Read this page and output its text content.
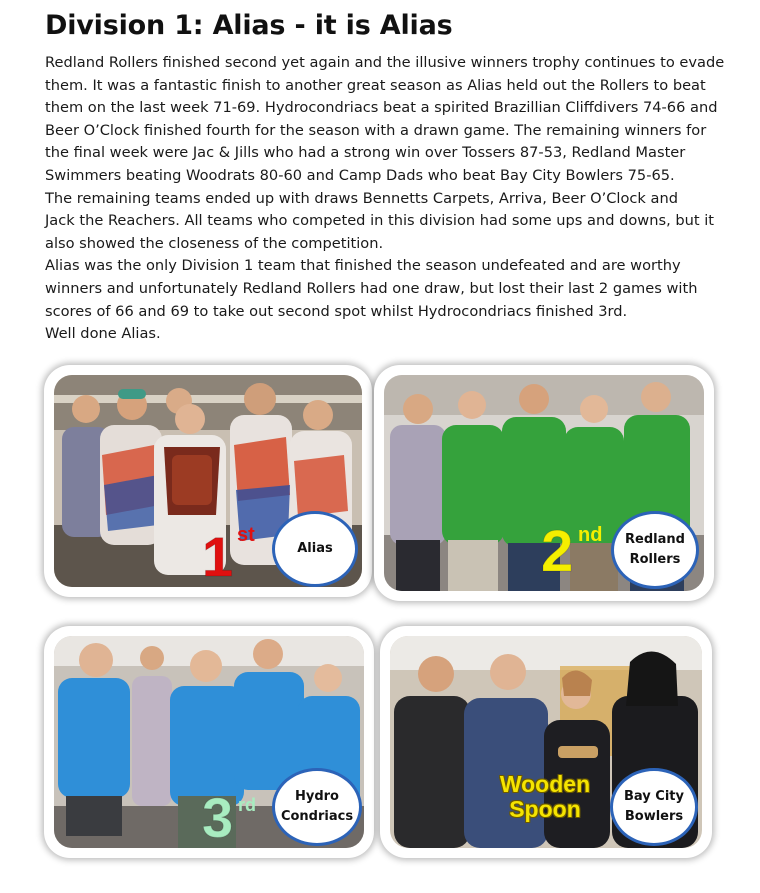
Division 1: Alias - it is Alias
Redland Rollers finished second yet again and the illusive winners trophy continues to evade
them. It was a fantastic finish to another great season as Alias held out the Rollers to beat
them on the last week 71-69. Hydrocondriacs beat a spirited Brazillian Cliffdivers 74-66 and
Beer O’Clock finished fourth for the season with a drawn game. The remaining winners for
the final week were Jac & Jills who had a strong win over Tossers 87-53, Redland Master
Swimmers beating Woodrats 80-60 and Camp Dads who beat Bay City Bowlers 75-65.
The remaining teams ended up with draws Bennetts Carpets, Arriva, Beer O’Clock and
Jack the Reachers. All teams who competed in this division had some ups and downs, but it
also showed the closeness of the competition.
Alias was the only Division 1 team that finished the season undefeated and are worthy
winners and unfortunately Redland Rollers had one draw, but lost their last 2 games with
scores of 66 and 69 to take out second spot whilst Hydrocondriacs finished 3rd.
Well done Alias.
1 st
Alias	2 nd Redland
Rollers
3 rd	Hydro
Condriacs
Wooden
Spoon	Bay City
Bowlers
